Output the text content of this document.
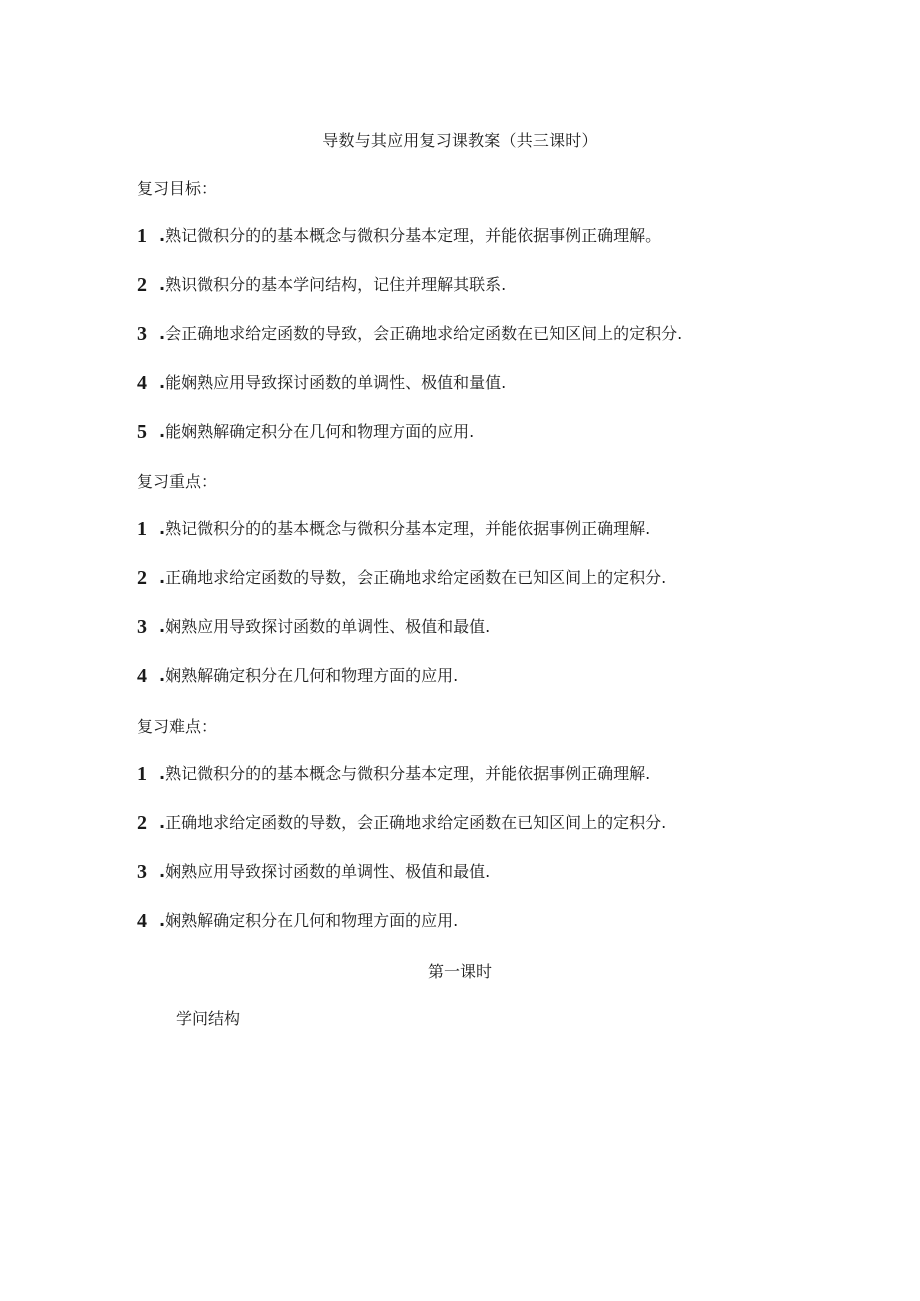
导数与其应用复习课教案（共三课时）
复习目标：
1 .熟记微积分的的基本概念与微积分基本定理，并能依据事例正确理解。
2 .熟识微积分的基本学问结构，记住并理解其联系.
3 .会正确地求给定函数的导致，会正确地求给定函数在已知区间上的定积分.
4 .能娴熟应用导致探讨函数的单调性、极值和量值.
5 .能娴熟解确定积分在几何和物理方面的应用.
复习重点：
1 .熟记微积分的的基本概念与微积分基本定理，并能依据事例正确理解.
2 .正确地求给定函数的导数，会正确地求给定函数在已知区间上的定积分.
3 .娴熟应用导致探讨函数的单调性、极值和最值.
4 .娴熟解确定积分在几何和物理方面的应用.
复习难点：
1 .熟记微积分的的基本概念与微积分基本定理，并能依据事例正确理解.
2 .正确地求给定函数的导数，会正确地求给定函数在已知区间上的定积分.
3 .娴熟应用导致探讨函数的单调性、极值和最值.
4 .娴熟解确定积分在几何和物理方面的应用.
第一课时
学问结构
